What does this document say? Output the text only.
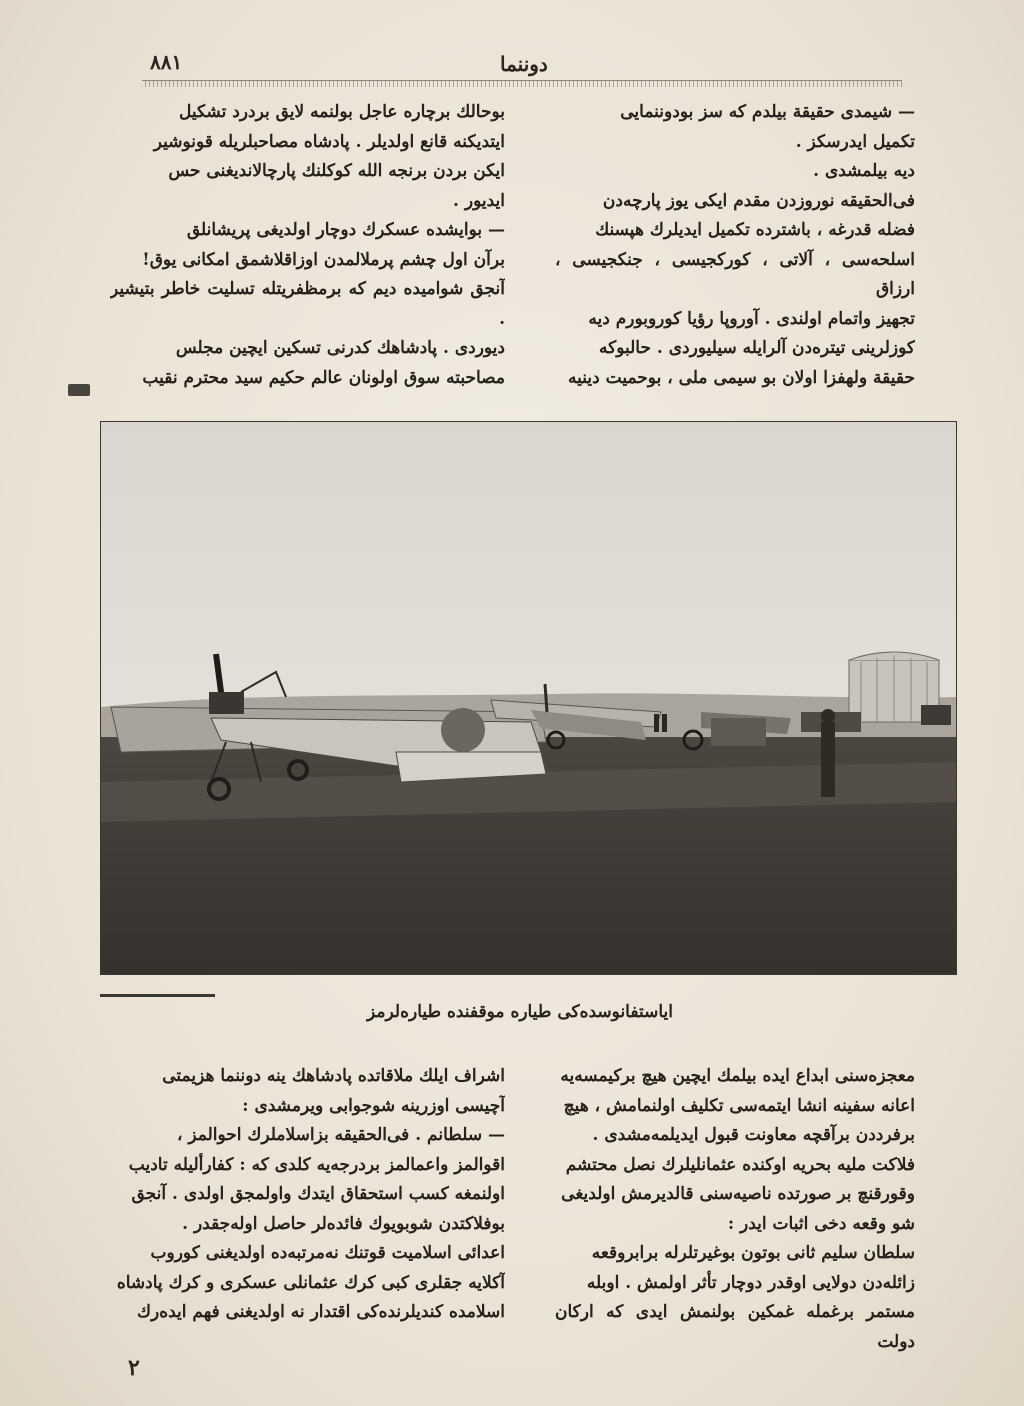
٨٨١	دوننما

— شیمدی حقیقة بیلدم که سز بودوننمایی

تکمیل ایدرسکز .

دیه بیلمشدی .

فی‌الحقیقه نوروزدن مقدم ایکی یوز پارچه‌دن

فضله قدرغه ، باشترده تکمیل ایدیلرك هپسنك

اسلحه‌سی ، آلاتی ، کورکجیسی ، جنکجیسی ، ارزاق

تجهیز واتمام اولندی . آوروپا رؤیا کوروبورم دیه

کوزلرینی تیتره‌دن آلرایله سیلیوردی . حالبوکه

حقیقة ولهفزا اولان بو سیمی ملی ، بوحمیت دینیه

بوحالك برچاره عاجل بولنمه لایق بردرد تشکیل

ایتدیکنه قانع اولدیلر . پادشاه مصاحبلریله قونوشیر

ایکن بردن برنجه الله کوکلنك پارچالاندیغنی حس

ایدیور .

— بوایشده عسکرك دوچار اولدیغی پریشانلق

برآن اول چشم پرملالمدن اوزاقلاشمق امکانی یوق!

آنجق شوامیده دیم که برمظفریتله تسلیت خاطر بتیشیر .

دیوردی . پادشاهك کدرنی تسکین ایچین مجلس

مصاحبته سوق اولونان عالم حکیم سید محترم نقیب

ایاستفانوسده‌کی طیاره موقفنده طیاره‌لرمز

معجزه‌سنی ابداع ایده بیلمك ایچین هیچ برکیمسه‌یه

اعانه سفینه انشا ایتمه‌سی تکلیف اولنمامش ، هیچ

برفرددن برآقچه معاونت قبول ایدیلمه‌مشدی .

فلاکت ملیه بحریه اوکنده عثمانلیلرك نصل محتشم

وقورقنچ بر صورتده ناصیه‌سنی قالدیرمش اولدیغی

شو وقعه دخی اثبات ایدر :

سلطان سلیم ثانی بوتون بوغیرتلرله برابروقعه

زائله‌دن دولایی اوقدر دوچار تأثر اولمش . اوبله

مستمر برغمله غمکین بولنمش ایدی که ارکان دولت

اشراف ایلك ملاقاتده پادشاهك ینه دوننما هزیمتی

آچیسی اوزرینه شوجوابی ویرمشدی :

— سلطانم . فی‌الحقیقه بزاسلاملرك احوالمز ،

اقوالمز واعمالمز بردرجه‌یه کلدی که : کفارألیله تادیب

اولنمغه کسب استحقاق ایتدك واولمجق اولدی . آنجق

بوفلاکتدن شوبویوك فائده‌لر حاصل اوله‌جقدر .

اعدائی اسلامیت قوتنك نه‌مرتبه‌ده اولدیغنی کوروب

آکلایه جقلری کبی کرك عثمانلی عسکری و کرك پادشاه

اسلامده کندیلرنده‌کی اقتدار نه اولدیغنی فهم ایده‌رك

٢
